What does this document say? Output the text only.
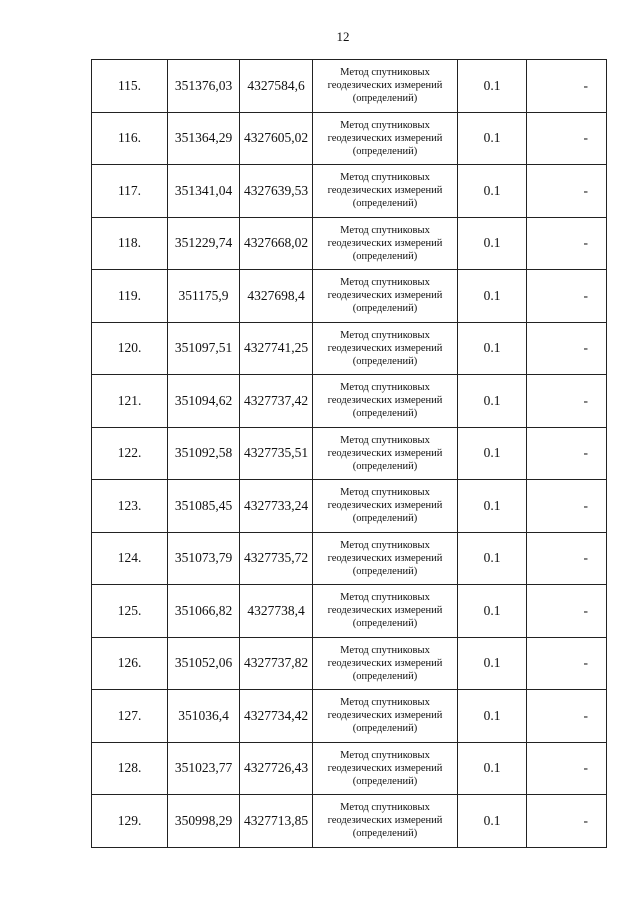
12
115.	351376,03	4327584,6	Метод спутниковых
геодезических измерений
(определений)	0.1	-
116.	351364,29	4327605,02	Метод спутниковых
геодезических измерений
(определений)	0.1	-
117.	351341,04	4327639,53	Метод спутниковых
геодезических измерений
(определений)	0.1	-
118.	351229,74	4327668,02	Метод спутниковых
геодезических измерений
(определений)	0.1	-
119.	351175,9	4327698,4	Метод спутниковых
геодезических измерений
(определений)	0.1	-
120.	351097,51	4327741,25	Метод спутниковых
геодезических измерений
(определений)	0.1	-
121.	351094,62	4327737,42	Метод спутниковых
геодезических измерений
(определений)	0.1	-
122.	351092,58	4327735,51	Метод спутниковых
геодезических измерений
(определений)	0.1	-
123.	351085,45	4327733,24	Метод спутниковых
геодезических измерений
(определений)	0.1	-
124.	351073,79	4327735,72	Метод спутниковых
геодезических измерений
(определений)	0.1	-
125.	351066,82	4327738,4	Метод спутниковых
геодезических измерений
(определений)	0.1	-
126.	351052,06	4327737,82	Метод спутниковых
геодезических измерений
(определений)	0.1	-
127.	351036,4	4327734,42	Метод спутниковых
геодезических измерений
(определений)	0.1	-
128.	351023,77	4327726,43	Метод спутниковых
геодезических измерений
(определений)	0.1	-
129.	350998,29	4327713,85	Метод спутниковых
геодезических измерений
(определений)	0.1	-
